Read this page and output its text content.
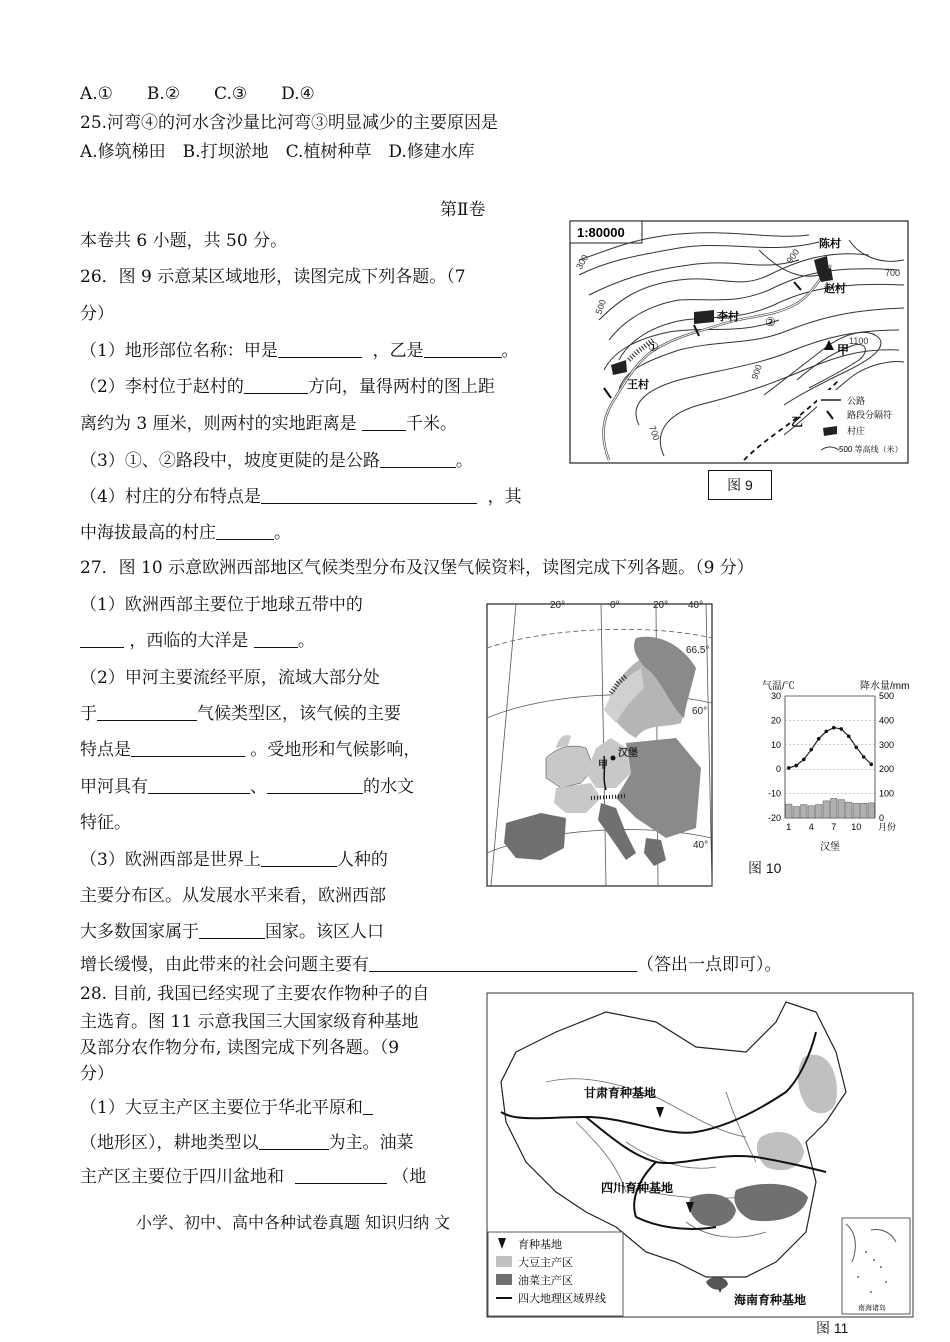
A.①　　B.②　　C.③　　D.④
25.河弯④的河水含沙量比河弯③明显减少的主要原因是
A.修筑梯田　B.打坝淤地　C.植树种草　D.修建水库
第Ⅱ卷
本卷共 6 小题，共 50 分。
26．图 9 示意某区域地形，读图完成下列各题。（7
分）
（1）地形部位名称：甲是	，乙是	。
（2）李村位于赵村的	方向，量得两村的图上距
离约为 3 厘米，则两村的实地距离是	千米。
（3）①、②路段中，坡度更陡的是公路	。
（4）村庄的分布特点是	，其
中海拔最高的村庄	。
27．图 10 示意欧洲西部地区气候类型分布及汉堡气候资料，读图完成下列各题。（9 分）
（1）欧洲西部主要位于地球五带中的
，西临的大洋是	。
（2）甲河主要流经平原，流域大部分处
于	气候类型区，该气候的主要
特点是	。受地形和气候影响，
甲河具有	、	的水文
特征。
（3）欧洲西部是世界上	人种的
主要分布区。从发展水平来看，欧洲西部
大多数国家属于	国家。该区人口
增长缓慢，由此带来的社会问题主要有	（答出一点即可）。
28. 目前, 我国已经实现了主要农作物种子的自
主选育。图 11 示意我国三大国家级育种基地
及部分农作物分布, 读图完成下列各题。（9
分）
（1）大豆主产区主要位于华北平原和
（地形区），耕地类型以	为主。油菜
主产区主要位于四川盆地和	（地
小学、初中、高中各种试卷真题 知识归纳 文
1:80000
陈村
赵村
李村
王村
甲
乙
①
②
300
500
700
700
900
900
1100
公路
路段分隔符
村庄
500 等高线（米）
图 9
20°	0°	20° 40°
66.5°
60°
40°
甲
汉堡
气温/℃	降水量/mm
-20
-10
0
10
20
30
0
100
200
300
400
500
1 4 7 10 月份
汉堡
图 10
甘肃育种基地
四川育种基地
海南育种基地
育种基地
大豆主产区
油菜主产区
四大地理区域界线
南海诸岛
图 11
